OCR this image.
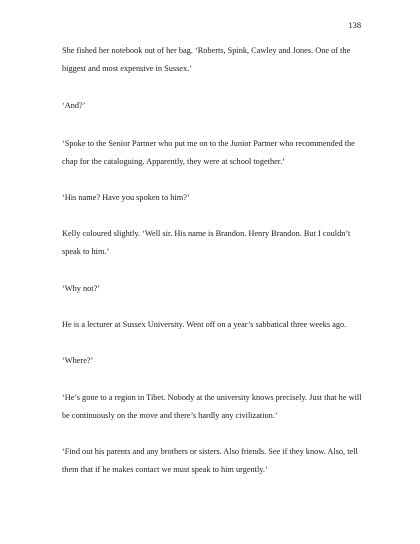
138

She fished her notebook out of her bag. ‘Roberts, Spink, Cawley and Jones. One of the
biggest and most expensive in Sussex.’

‘And?’

‘Spoke to the Senior Partner who put me on to the Junior Partner who recommended the
chap for the cataloguing. Apparently, they were at school together.’

‘His name? Have you spoken to him?’

Kelly coloured slightly. ‘Well sir. His name is Brandon. Henry Brandon. But I couldn’t
speak to him.’

‘Why not?’

He is a lecturer at Sussex University. Went off on a year’s sabbatical three weeks ago.

‘Where?’

‘He’s gone to a region in Tibet. Nobody at the university knows precisely. Just that he will
be continuously on the move and there’s hardly any civilization.’

‘Find out his parents and any brothers or sisters. Also friends. See if they know. Also, tell
them that if he makes contact we must speak to him urgently.’
